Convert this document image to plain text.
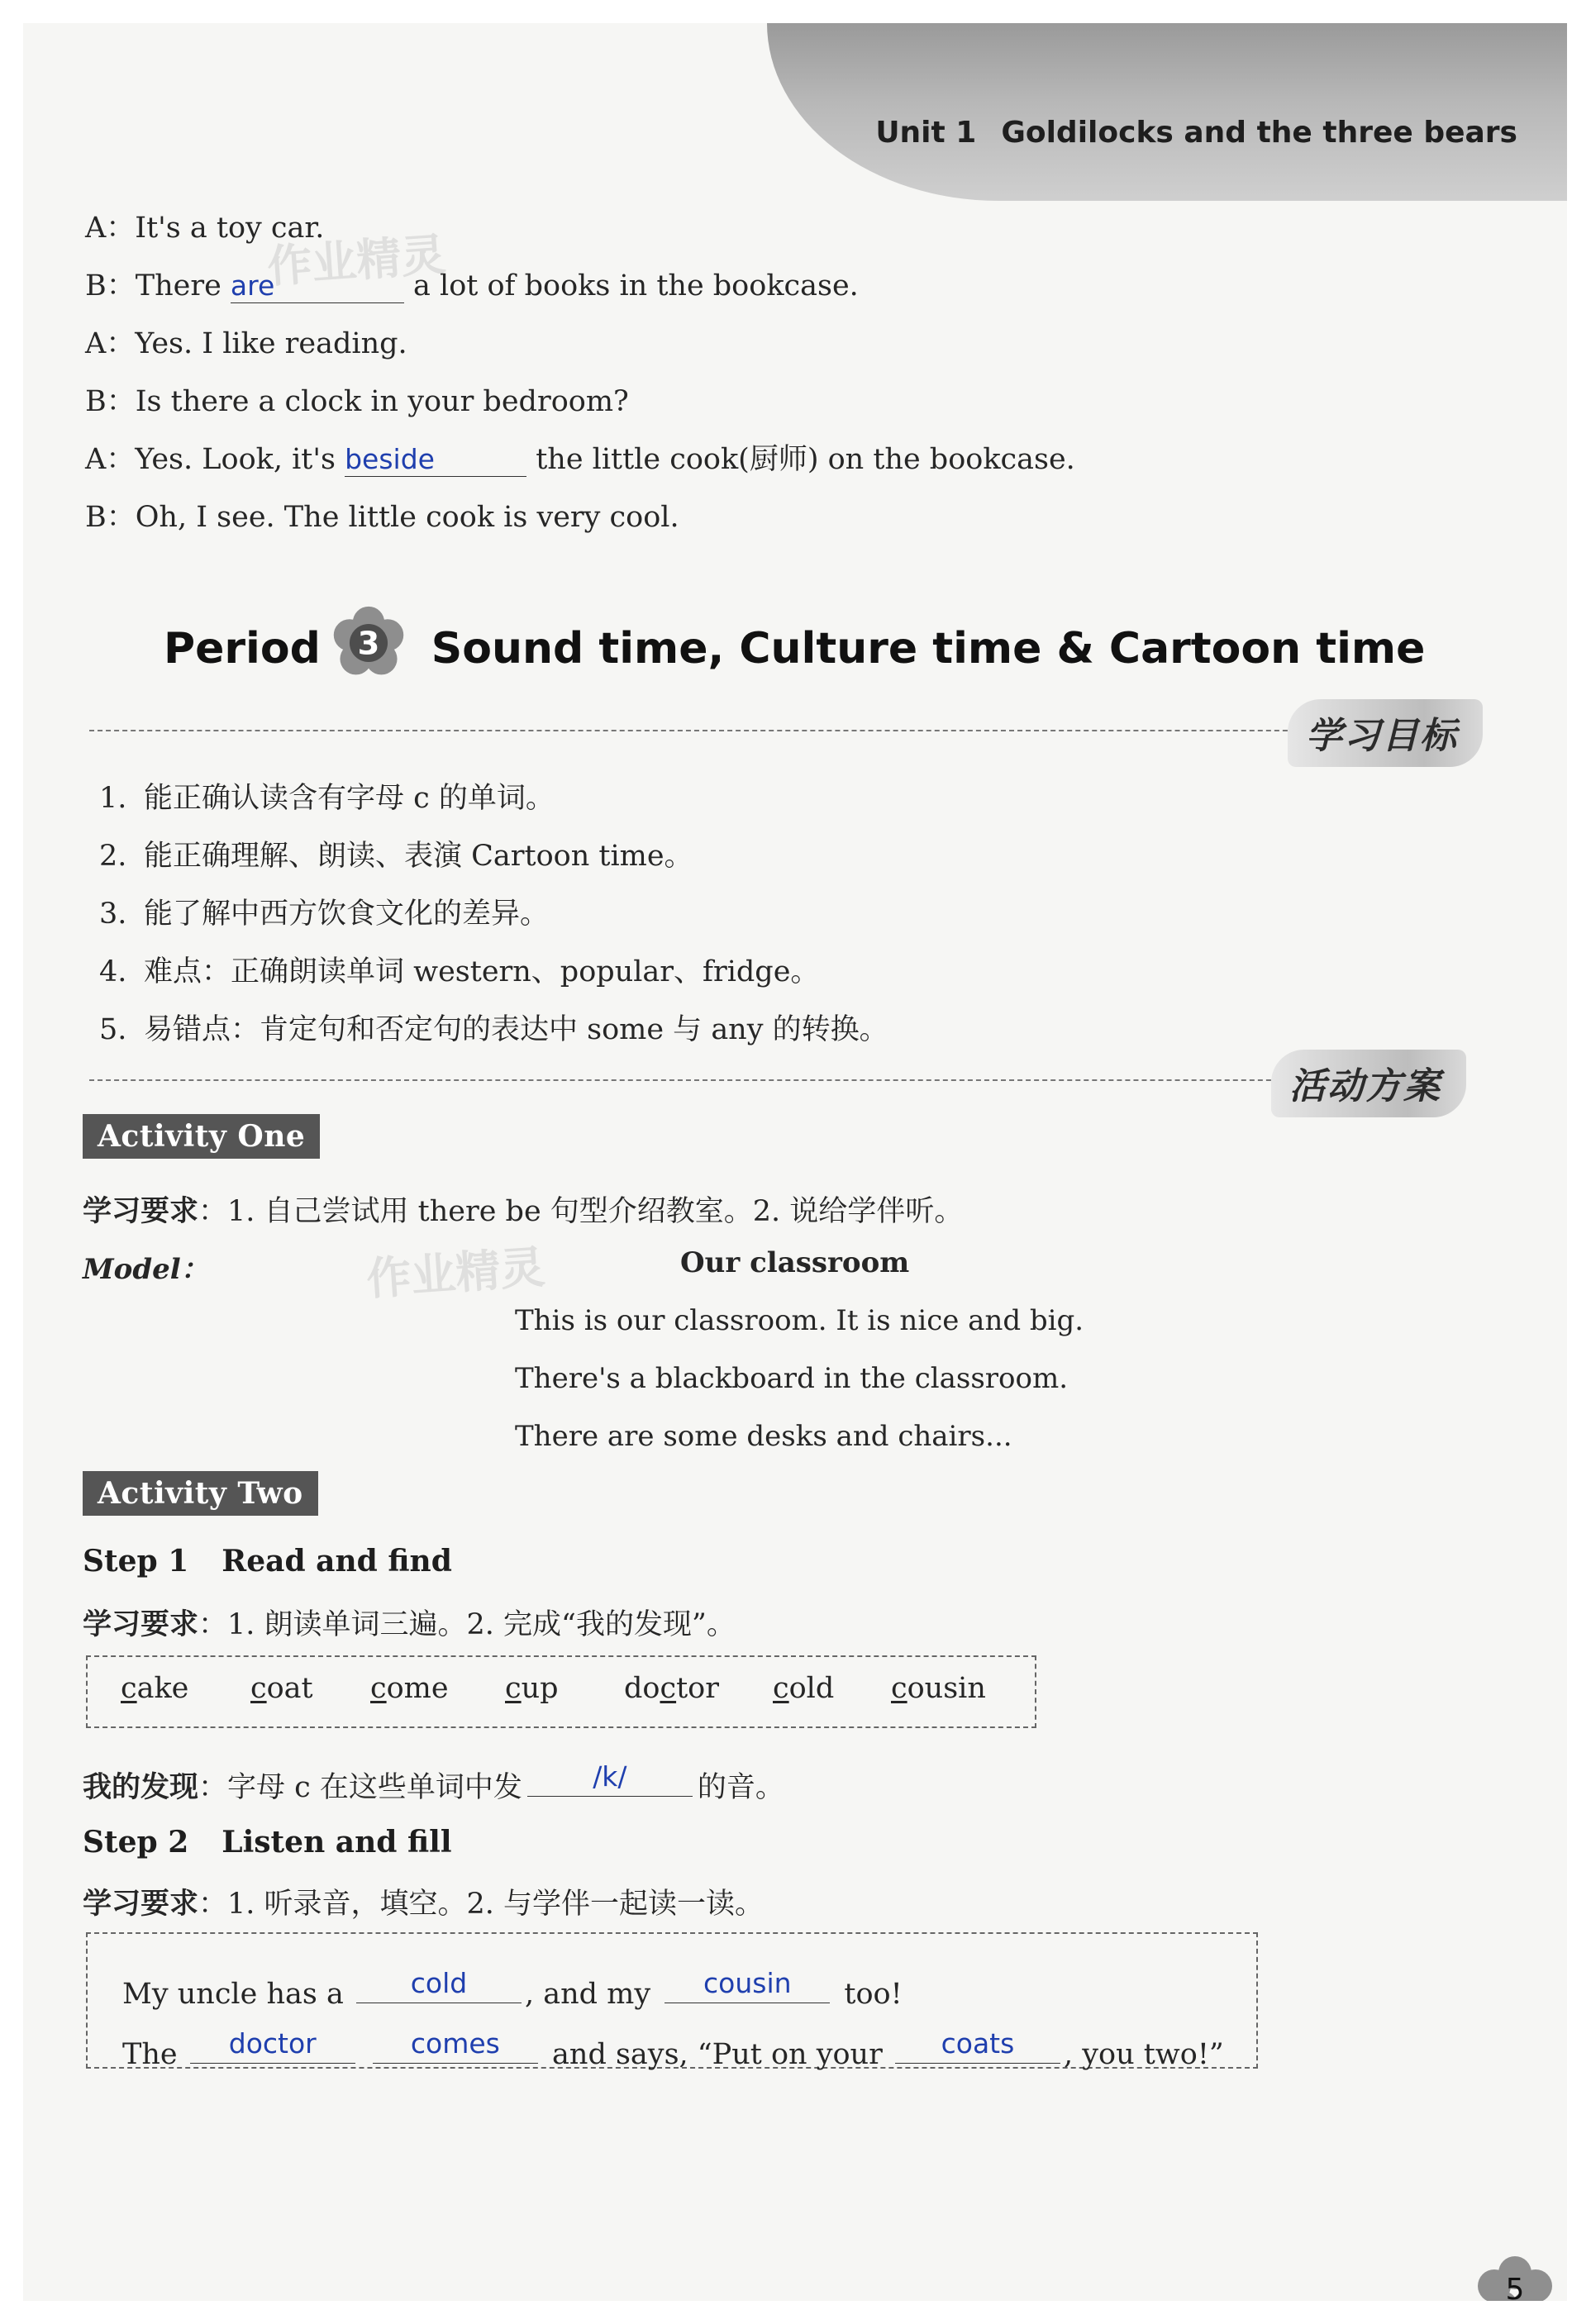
Unit 1 Goldilocks and the three bears
A：It's a toy car.
B：There are	a lot of books in the bookcase.
A：Yes. I like reading.
B：Is there a clock in your bedroom?
A：Yes. Look, it's beside	the little cook(厨师) on the bookcase.
B：Oh, I see. The little cook is very cool.
作业精灵
Period 3 Sound time, Culture time & Cartoon time
学习目标
1. 能正确认读含有字母 c 的单词。
2. 能正确理解、朗读、表演 Cartoon time。
3. 能了解中西方饮食文化的差异。
4. 难点：正确朗读单词 western、popular、fridge。
5. 易错点：肯定句和否定句的表达中 some 与 any 的转换。
活动方案
Activity One
学习要求：1. 自己尝试用 there be 句型介绍教室。2. 说给学伴听。
Model：	Our classroom
This is our classroom. It is nice and big.
There's a blackboard in the classroom.
There are some desks and chairs...
作业精灵
Activity Two
Step 1 Read and find
学习要求：1. 朗读单词三遍。2. 完成“我的发现”。
cake coat come cup doctor cold cousin
我的发现：字母 c 在这些单词中发	/k/	的音。
Step 2 Listen and fill
学习要求：1. 听录音，填空。2. 与学伴一起读一读。
My uncle has a	cold	, and my	cousin	too!
The	doctor
	comes	and says, “Put on your	coats	, you two!”
5
